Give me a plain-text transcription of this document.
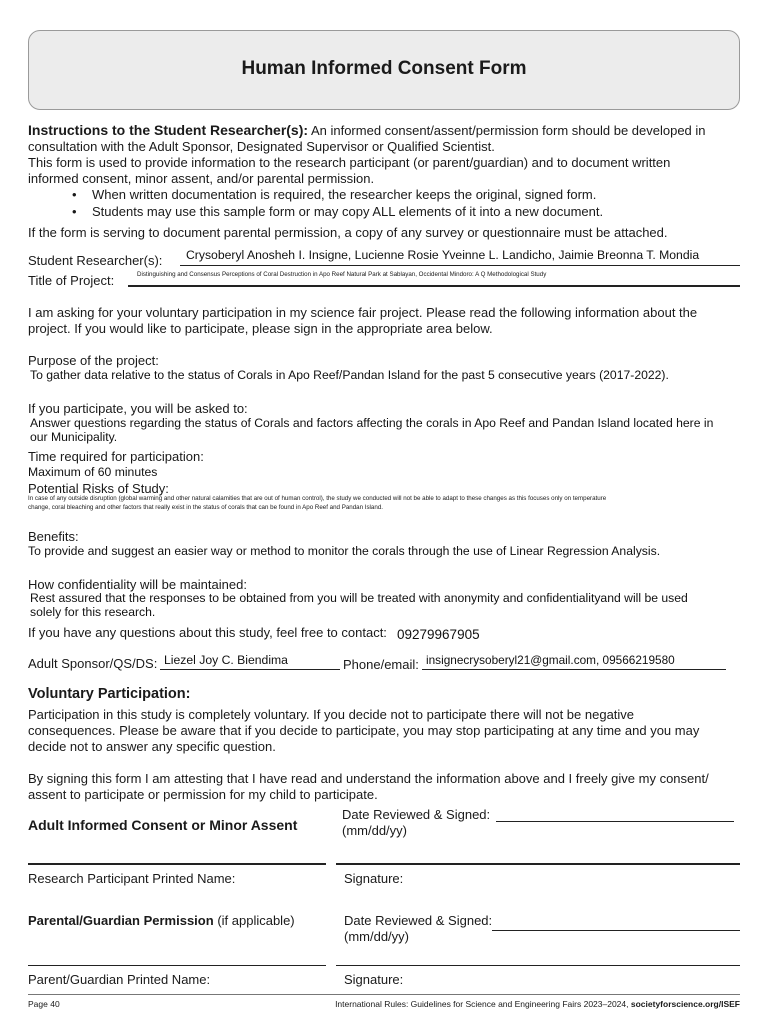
Human Informed Consent Form
Instructions to the Student Researcher(s): An informed consent/assent/permission form should be developed in
consultation with the Adult Sponsor, Designated Supervisor or Qualified Scientist.
This form is used to provide information to the research participant (or parent/guardian) and to document written
informed consent, minor assent, and/or parental permission.
• When written documentation is required, the researcher keeps the original, signed form.
• Students may use this sample form or may copy ALL elements of it into a new document.
If the form is serving to document parental permission, a copy of any survey or questionnaire must be attached.
Student Researcher(s): Crysoberyl Anosheh I. Insigne, Lucienne Rosie Yveinne L. Landicho, Jaimie Breonna T. Mondia
Title of Project:	Distinguishing and Consensus Perceptions of Coral Destruction in Apo Reef Natural Park at Sablayan, Occidental Mindoro: A Q Methodological Study
I am asking for your voluntary participation in my science fair project. Please read the following information about the
project. If you would like to participate, please sign in the appropriate area below.
Purpose of the project:
To gather data relative to the status of Corals in Apo Reef/Pandan Island for the past 5 consecutive years (2017-2022).
If you participate, you will be asked to:
Answer questions regarding the status of Corals and factors affecting the corals in Apo Reef and Pandan Island located here in
our Municipality.
Time required for participation:
Maximum of 60 minutes
Potential Risks of Study:
In case of any outside disruption (global warming and other natural calamities that are out of human control), the study we conducted will not be able to adapt to these changes as this focuses only on temperature
change, coral bleaching and other factors that really exist in the status of corals that can be found in Apo Reef and Pandan Island.
Benefits:
To provide and suggest an easier way or method to monitor the corals through the use of Linear Regression Analysis.
How confidentiality will be maintained:
Rest assured that the responses to be obtained from you will be treated with anonymity and confidentialityand will be used
solely for this research.
If you have any questions about this study, feel free to contact: 09279967905
Adult Sponsor/QS/DS: Liezel Joy C. Biendima	Phone/email: insignecrysoberyl21@gmail.com, 09566219580
Voluntary Participation:
Participation in this study is completely voluntary. If you decide not to participate there will not be negative
consequences. Please be aware that if you decide to participate, you may stop participating at any time and you may
decide not to answer any specific question.
By signing this form I am attesting that I have read and understand the information above and I freely give my consent/
assent to participate or permission for my child to participate.
Adult Informed Consent or Minor Assent
Date Reviewed & Signed:
(mm/dd/yy)
Research Participant Printed Name:	Signature:
Parental/Guardian Permission (if applicable)	Date Reviewed & Signed:
(mm/dd/yy)
Parent/Guardian Printed Name:	Signature:
Page 40	International Rules: Guidelines for Science and Engineering Fairs 2023–2024, societyforscience.org/ISEF
